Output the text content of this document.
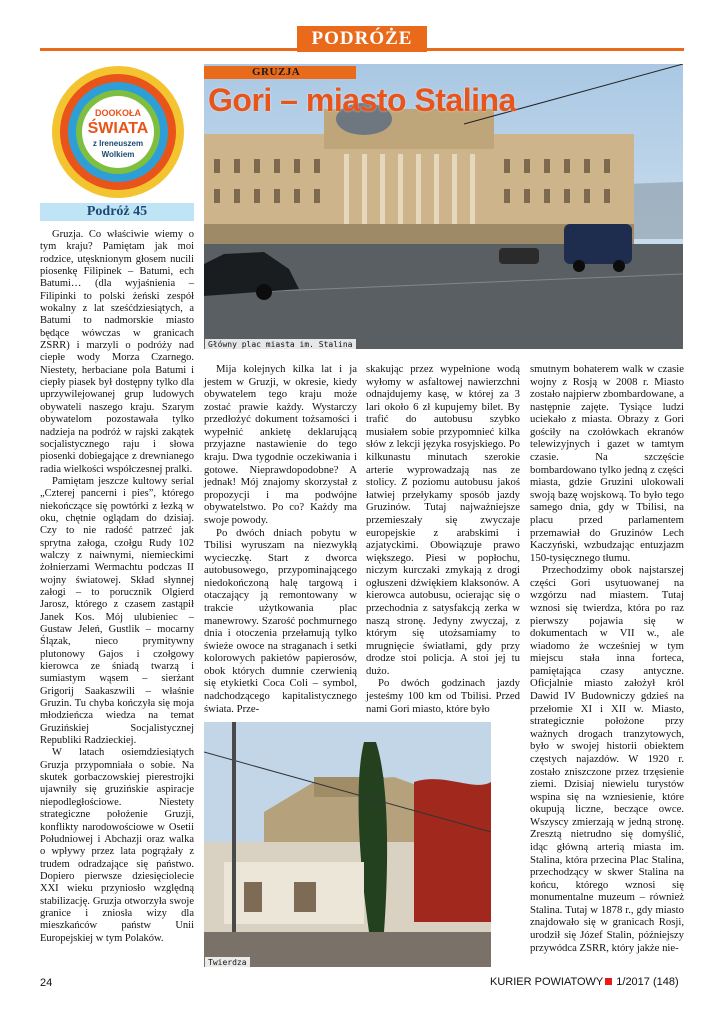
PODRÓŻE
DOOKOŁA
ŚWIATA
z Ireneuszem
Wolkiem
Podróż 45
GRUZJA
Gori – miasto Stalina
Główny plac miasta im. Stalina
Twierdza

Gruzja. Co właściwie wiemy o tym kraju? Pamiętam jak moi rodzice, utęsknionym głosem nucili piosenkę Filipinek – Batumi, ech Batumi… (dla wyjaśnienia – Filipinki to polski żeński zespół wokalny z lat sześćdziesiątych, a Batumi to nadmorskie miasto będące wówczas w granicach ZSRR) i marzyli o podróży nad ciepłe wody Morza Czarnego. Niestety, herbaciane pola Batumi i ciepły piasek był dostępny tylko dla uprzywilejowanej grup ludowych obywateli naszego kraju. Szarym obywatelom pozostawała tylko nadzieja na podróż w rajski zakątek socjalistycznego raju i słowa piosenki dobiegające z drewnianego radia wielkości współczesnej pralki.

Pamiętam jeszcze kultowy serial „Czterej pancerni i pies”, którego niekończące się powtórki z łezką w oku, chętnie oglądam do dzisiaj. Czy to nie radość patrzeć jak sprytna załoga, czołgu Rudy 102 walczy z naiwnymi, niemieckimi żołnierzami Wermachtu podczas II wojny światowej. Skład słynnej załogi – to porucznik Olgierd Jarosz, którego z czasem zastąpił Janek Kos. Mój ulubieniec – Gustaw Jeleń, Gustlik – mocarny Ślązak, nieco prymitywny plutonowy Gajos i czołgowy kierowca ze śniadą twarzą i sumiastym wąsem – sierżant Grigorij Saakaszwili – właśnie Gruzin. Tu chyba kończyła się moja młodzieńcza wiedza na temat Gruzińskiej Socjalistycznej Republiki Radzieckiej.

W latach osiemdziesiątych Gruzja przypomniała o sobie. Na skutek gorbaczowskiej pierestrojki ujawniły się gruzińskie aspiracje niepodległościowe. Niestety strategiczne położenie Gruzji, konflikty narodowościowe w Osetii Południowej i Abchazji oraz walka o wpływy przez lata pogrążały z trudem odradzające się państwo. Dopiero pierwsze dziesięciolecie XXI wieku przyniosło względną stabilizację. Gruzja otworzyła swoje granice i zniosła wizy dla mieszkańców państw Unii Europejskiej w tym Polaków.

Mija kolejnych kilka lat i ja jestem w Gruzji, w okresie, kiedy obywatelem tego kraju może zostać prawie każdy. Wystarczy przedłożyć dokument tożsamości i wypełnić ankietę deklarującą przyjazne nastawienie do tego kraju. Dwa tygodnie oczekiwania i gotowe. Nieprawdopodobne? A jednak! Mój znajomy skorzystał z propozycji i ma podwójne obywatelstwo. Po co? Każdy ma swoje powody.

Po dwóch dniach pobytu w Tbilisi wyruszam na niezwykłą wycieczkę. Start z dworca autobusowego, przypominającego niedokończoną halę targową i otaczający ją remontowany w trakcie użytkowania plac manewrowy. Szarość pochmurnego dnia i otoczenia przełamują tylko świeże owoce na straganach i setki kolorowych pakietów papierosów, obok których dumnie czerwienią się etykietki Coca Coli – symbol, nadchodzącego kapitalistycznego świata. Prze-

skakując przez wypełnione wodą wyłomy w asfaltowej nawierzchni odnajdujemy kasę, w której za 3 lari około 6 zł kupujemy bilet. By trafić do autobusu szybko musiałem sobie przypomnieć kilka słów z lekcji języka rosyjskiego. Po kilkunastu minutach szerokie arterie wyprowadzają nas ze stolicy. Z poziomu autobusu jakoś łatwiej przełykamy sposób jazdy Gruzinów. Tutaj najważniejsze przemieszały się zwyczaje europejskie z arabskimi i azjatyckimi. Obowiązuje prawo większego. Piesi w popłochu, niczym kurczaki zmykają z drogi ogłuszeni dźwiękiem klaksonów. A kierowca autobusu, ocierając się o przechodnia z satysfakcją zerka w naszą stronę. Jedyny zwyczaj, z którym się utożsamiamy to mrugnięcie światłami, gdy przy drodze stoi policja. A stoi jej tu dużo.

Po dwóch godzinach jazdy jesteśmy 100 km od Tbilisi. Przed nami Gori miasto, które było

smutnym bohaterem walk w czasie wojny z Rosją w 2008 r. Miasto zostało najpierw zbombardowane, a następnie zajęte. Tysiące ludzi uciekało z miasta. Obrazy z Gori gościły na czołówkach ekranów telewizyjnych i gazet w tamtym czasie. Na szczęście bombardowano tylko jedną z części miasta, gdzie Gruzini ulokowali swoją bazę wojskową. To było tego samego dnia, gdy w Tbilisi, na placu przed parlamentem przemawiał do Gruzinów Lech Kaczyński, wzbudzając entuzjazm 150-tysięcznego tłumu.

Przechodzimy obok najstarszej części Gori usytuowanej na wzgórzu nad miastem. Tutaj wznosi się twierdza, która po raz pierwszy pojawia się w dokumentach w VII w., ale wiadomo że wcześniej w tym miejscu stała inna forteca, pamiętająca czasy antyczne. Oficjalnie miasto założył król Dawid IV Budowniczy gdzieś na przełomie XI i XII w. Miasto, strategicznie położone przy ważnych drogach tranzytowych, było w swojej historii obiektem częstych najazdów. W 1920 r. zostało zniszczone przez trzęsienie ziemi. Dzisiaj niewielu turystów wspina się na wzniesienie, które okupują liczne, beczące owce. Wszyscy zmierzają w jedną stronę. Zresztą nietrudno się domyślić, idąc główną arterią miasta im. Stalina, która przecina Plac Stalina, przechodzący w skwer Stalina na końcu, którego wznosi się monumentalne muzeum – również Stalina. Tutaj w 1878 r., gdy miasto znajdowało się w granicach Rosji, urodził się Józef Stalin, późniejszy przywódca ZSRR, który jakże nie-

24	KURIER POWIATOWY 1/2017 (148)
